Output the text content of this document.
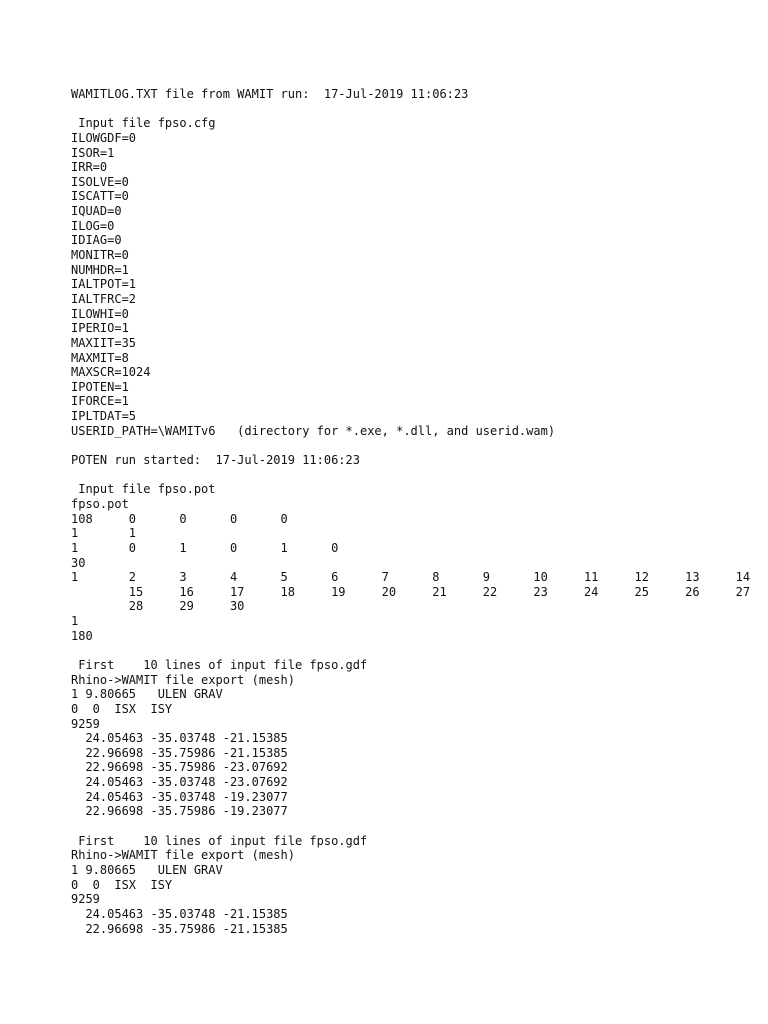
WAMITLOG.TXT file from WAMIT run:  17-Jul-2019 11:06:23
Input file fpso.cfg
ILOWGDF=0
ISOR=1
IRR=0
ISOLVE=0
ISCATT=0
IQUAD=0
ILOG=0
IDIAG=0
MONITR=0
NUMHDR=1
IALTPOT=1
IALTFRC=2
ILOWHI=0
IPERIO=1
MAXIIT=35
MAXMIT=8
MAXSCR=1024
IPOTEN=1
IFORCE=1
IPLTDAT=5
USERID_PATH=\WAMITv6   (directory for *.exe, *.dll, and userid.wam)
POTEN run started:  17-Jul-2019 11:06:23
Input file fpso.pot
fpso.pot
108     0      0      0      0
1       1
1       0      1      0      1      0
30
1       2      3      4      5      6      7      8      9      10     11     12     13     14
15     16     17     18     19     20     21     22     23     24     25     26     27
28     29     30
1
180
First    10 lines of input file fpso.gdf
Rhino->WAMIT file export (mesh)
1 9.80665   ULEN GRAV
0  0  ISX  ISY
9259
24.05463 -35.03748 -21.15385
22.96698 -35.75986 -21.15385
22.96698 -35.75986 -23.07692
24.05463 -35.03748 -23.07692
24.05463 -35.03748 -19.23077
22.96698 -35.75986 -19.23077
First    10 lines of input file fpso.gdf
Rhino->WAMIT file export (mesh)
1 9.80665   ULEN GRAV
0  0  ISX  ISY
9259
24.05463 -35.03748 -21.15385
22.96698 -35.75986 -21.15385
